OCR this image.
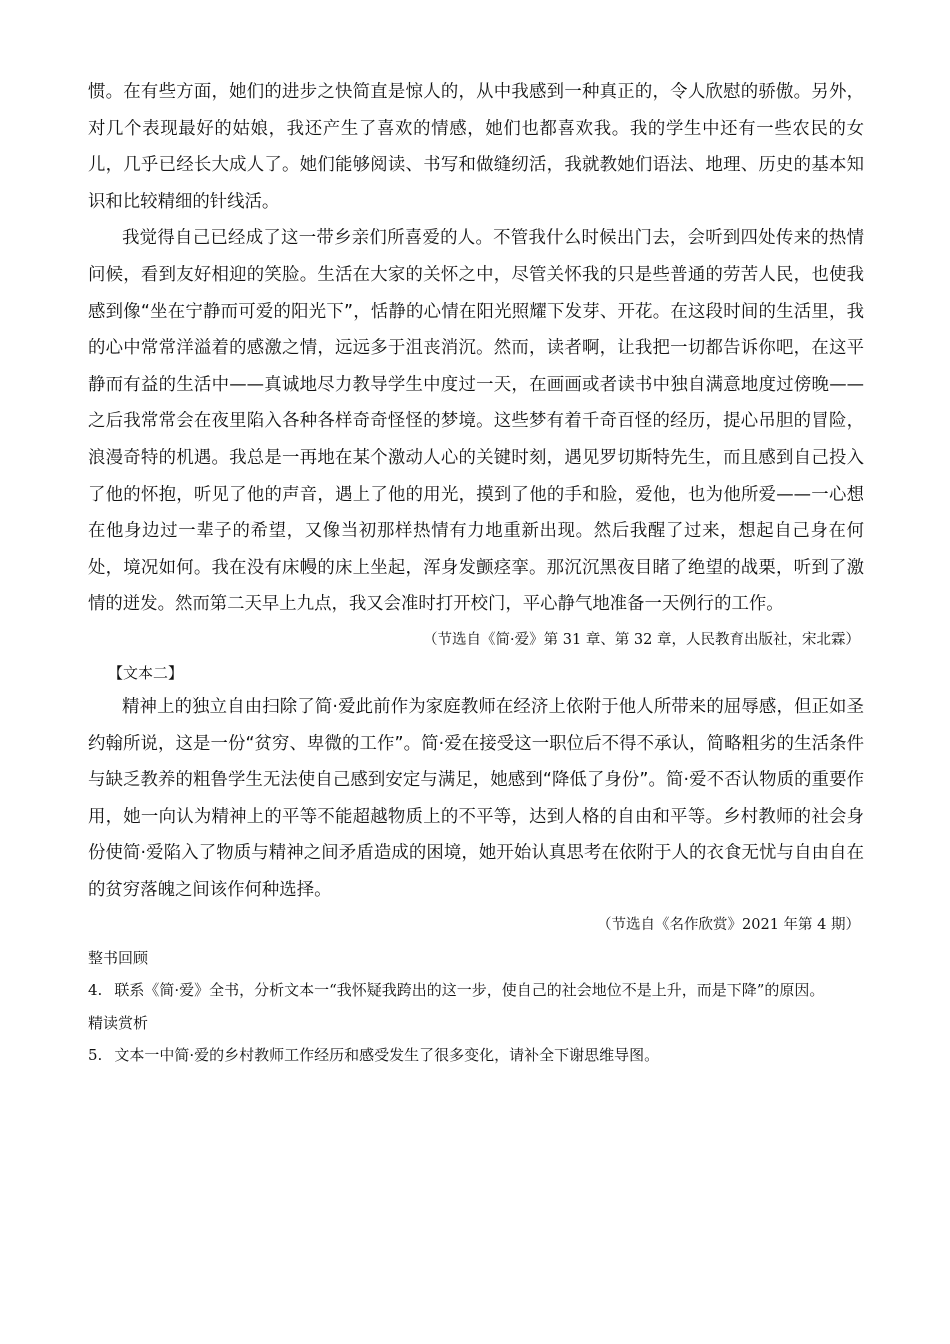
惯。在有些方面，她们的进步之快简直是惊人的，从中我感到一种真正的，令人欣慰的骄傲。另外，对几个表现最好的姑娘，我还产生了喜欢的情感，她们也都喜欢我。我的学生中还有一些农民的女儿，几乎已经长大成人了。她们能够阅读、书写和做缝纫活，我就教她们语法、地理、历史的基本知识和比较精细的针线活。

我觉得自己已经成了这一带乡亲们所喜爱的人。不管我什么时候出门去，会听到四处传来的热情问候，看到友好相迎的笑脸。生活在大家的关怀之中，尽管关怀我的只是些普通的劳苦人民，也使我感到像“坐在宁静而可爱的阳光下”，恬静的心情在阳光照耀下发芽、开花。在这段时间的生活里，我的心中常常洋溢着的感激之情，远远多于沮丧消沉。然而，读者啊，让我把一切都告诉你吧，在这平静而有益的生活中——真诚地尽力教导学生中度过一天，在画画或者读书中独自满意地度过傍晚——之后我常常会在夜里陷入各种各样奇奇怪怪的梦境。这些梦有着千奇百怪的经历，提心吊胆的冒险，浪漫奇特的机遇。我总是一再地在某个激动人心的关键时刻，遇见罗切斯特先生，而且感到自己投入了他的怀抱，听见了他的声音，遇上了他的用光，摸到了他的手和脸，爱他，也为他所爱——一心想在他身边过一辈子的希望，又像当初那样热情有力地重新出现。然后我醒了过来，想起自己身在何处，境况如何。我在没有床幔的床上坐起，浑身发颤痉挛。那沉沉黑夜目睹了绝望的战栗，听到了激情的迸发。然而第二天早上九点，我又会准时打开校门，平心静气地准备一天例行的工作。

（节选自《简·爱》第 31 章、第 32 章，人民教育出版社，宋北霖）

【文本二】

精神上的独立自由扫除了简·爱此前作为家庭教师在经济上依附于他人所带来的屈辱感，但正如圣约翰所说，这是一份“贫穷、卑微的工作”。简·爱在接受这一职位后不得不承认，简略粗劣的生活条件与缺乏教养的粗鲁学生无法使自己感到安定与满足，她感到“降低了身份”。简·爱不否认物质的重要作用，她一向认为精神上的平等不能超越物质上的不平等，达到人格的自由和平等。乡村教师的社会身份使简·爱陷入了物质与精神之间矛盾造成的困境，她开始认真思考在依附于人的衣食无忧与自由自在的贫穷落魄之间该作何种选择。

（节选自《名作欣赏》2021 年第 4 期）

整书回顾

4. 联系《简·爱》全书，分析文本一“我怀疑我跨出的这一步，使自己的社会地位不是上升，而是下降”的原因。

精读赏析

5. 文本一中简·爱的乡村教师工作经历和感受发生了很多变化，请补全下谢思维导图。
